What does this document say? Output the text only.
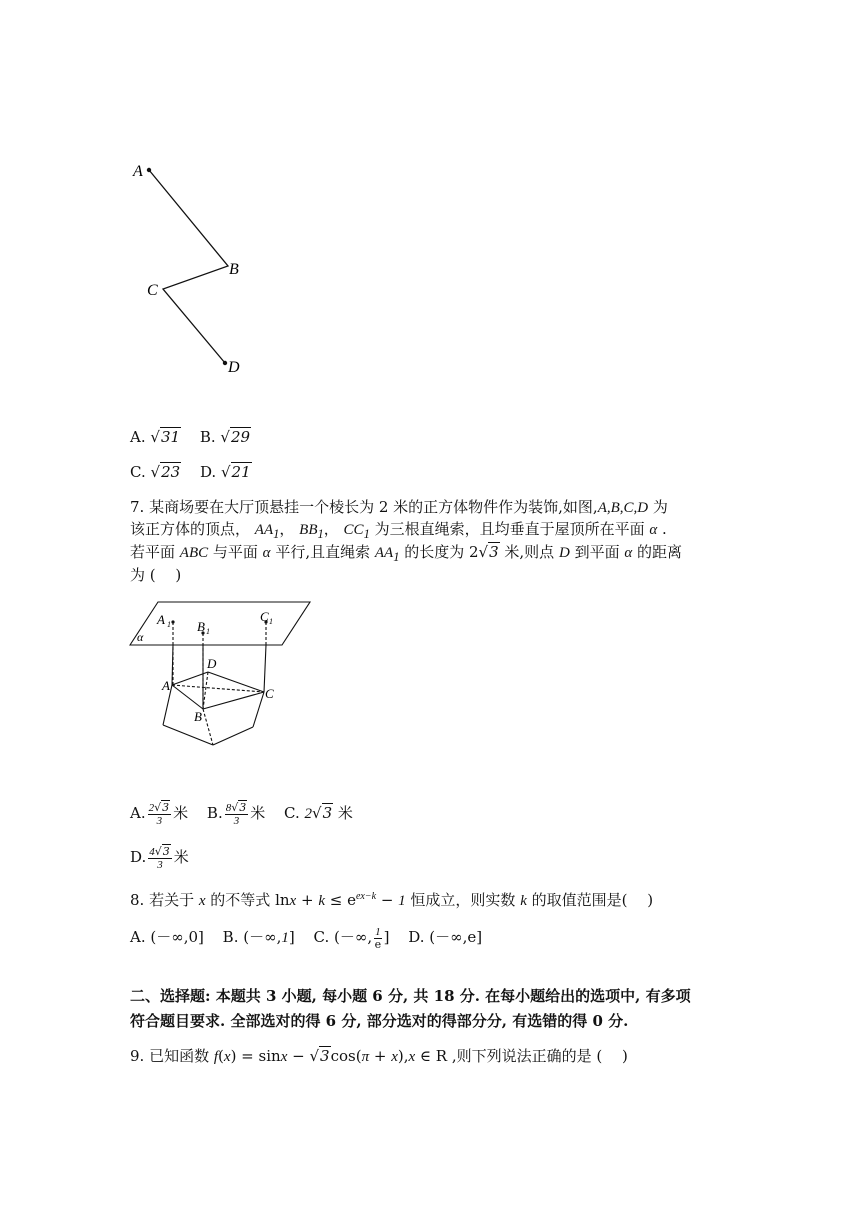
A
B
C
D
A. √31 B. √29
C. √23 D. √21
7. 某商场要在大厅顶悬挂一个棱长为 2 米的正方体物件作为装饰,如图,A,B,C,D 为
该正方体的顶点， $AA_1$， $BB_1$， $CC_1$ 为三根直绳索，且均垂直于屋顶所在平面 α .
若平面 ABC 与平面 α 平行,且直绳索 $AA_1$ 的长度为 2√3 米,则点 D 到平面 α 的距离
为 (　 )
A 1 B 1
C 1
α
A
B
C
D
A. $\frac{2√3}{3}$ 米 B. $\frac{8√3}{3}$ 米 C. 2√3 米
D. $\frac{4√3}{3}$ 米
8. 若关于 x 的不等式 $\ln x + k \le e^{ex-k} - 1$ 恒成立，则实数 k 的取值范围是(　 )
A. (－∞,0] B. (－∞,1] C. (－∞, $\frac{1}{e}$ ] D. (－∞,e]
二、选择题: 本题共 3 小题, 每小题 6 分, 共 18 分. 在每小题给出的选项中, 有多项
符合题目要求. 全部选对的得 6 分, 部分选对的得部分分, 有选错的得 0 分.
9. 已知函数 f(x) = sinx − √3cos(π + x),x ∈ R ,则下列说法正确的是 (　 )
